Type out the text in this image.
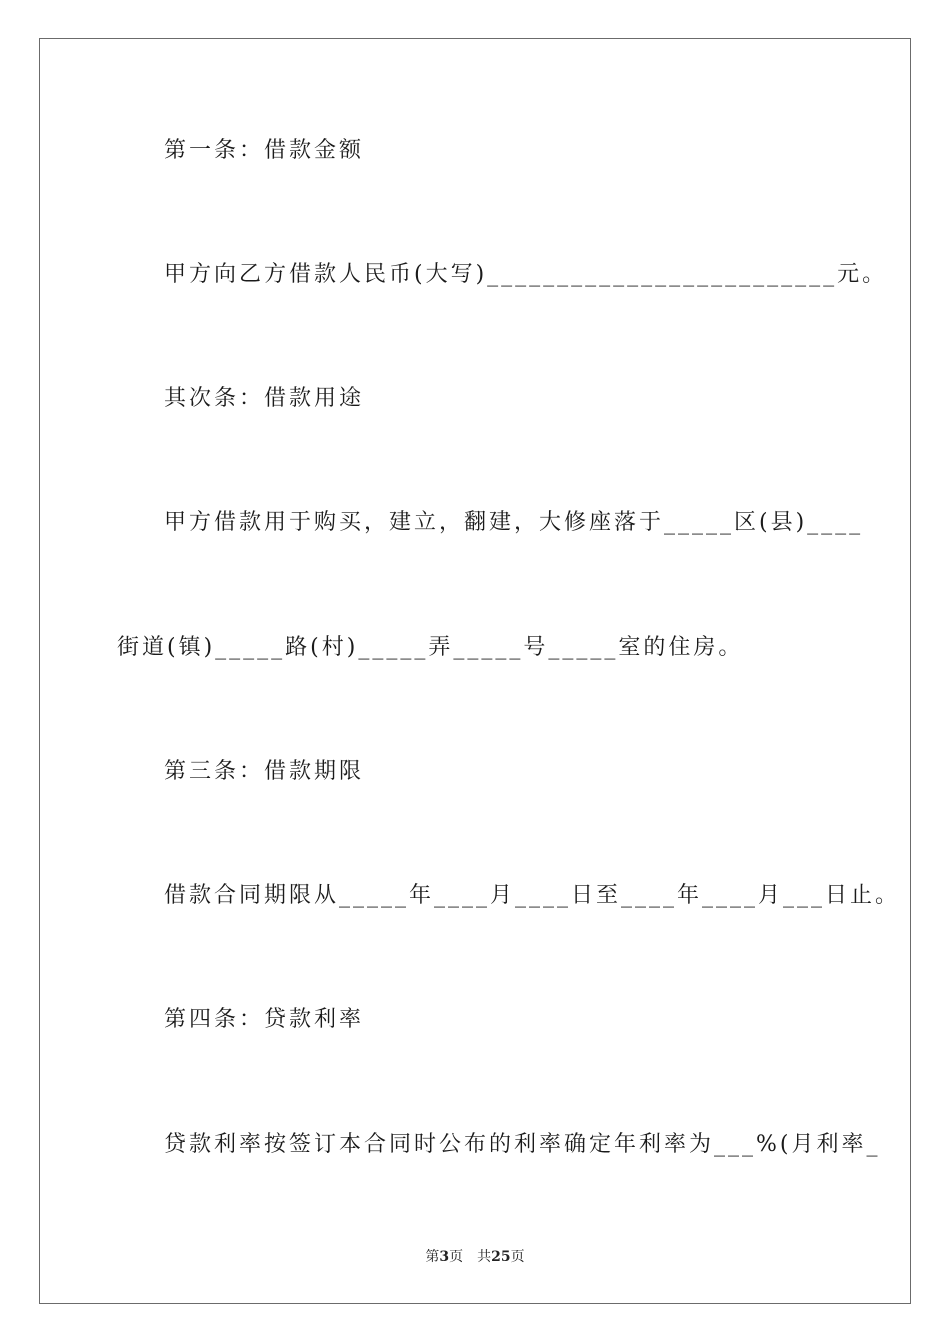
第一条：借款金额
甲方向乙方借款人民币(大写)_________________________元。
其次条：借款用途
甲方借款用于购买，建立，翻建，大修座落于_____区(县)____
街道(镇)_____路(村)_____弄_____号_____室的住房。
第三条：借款期限
借款合同期限从_____年____月____日至____年____月___日止。
第四条：贷款利率
贷款利率按签订本合同时公布的利率确定年利率为___%(月利率_
第3页 共25页
